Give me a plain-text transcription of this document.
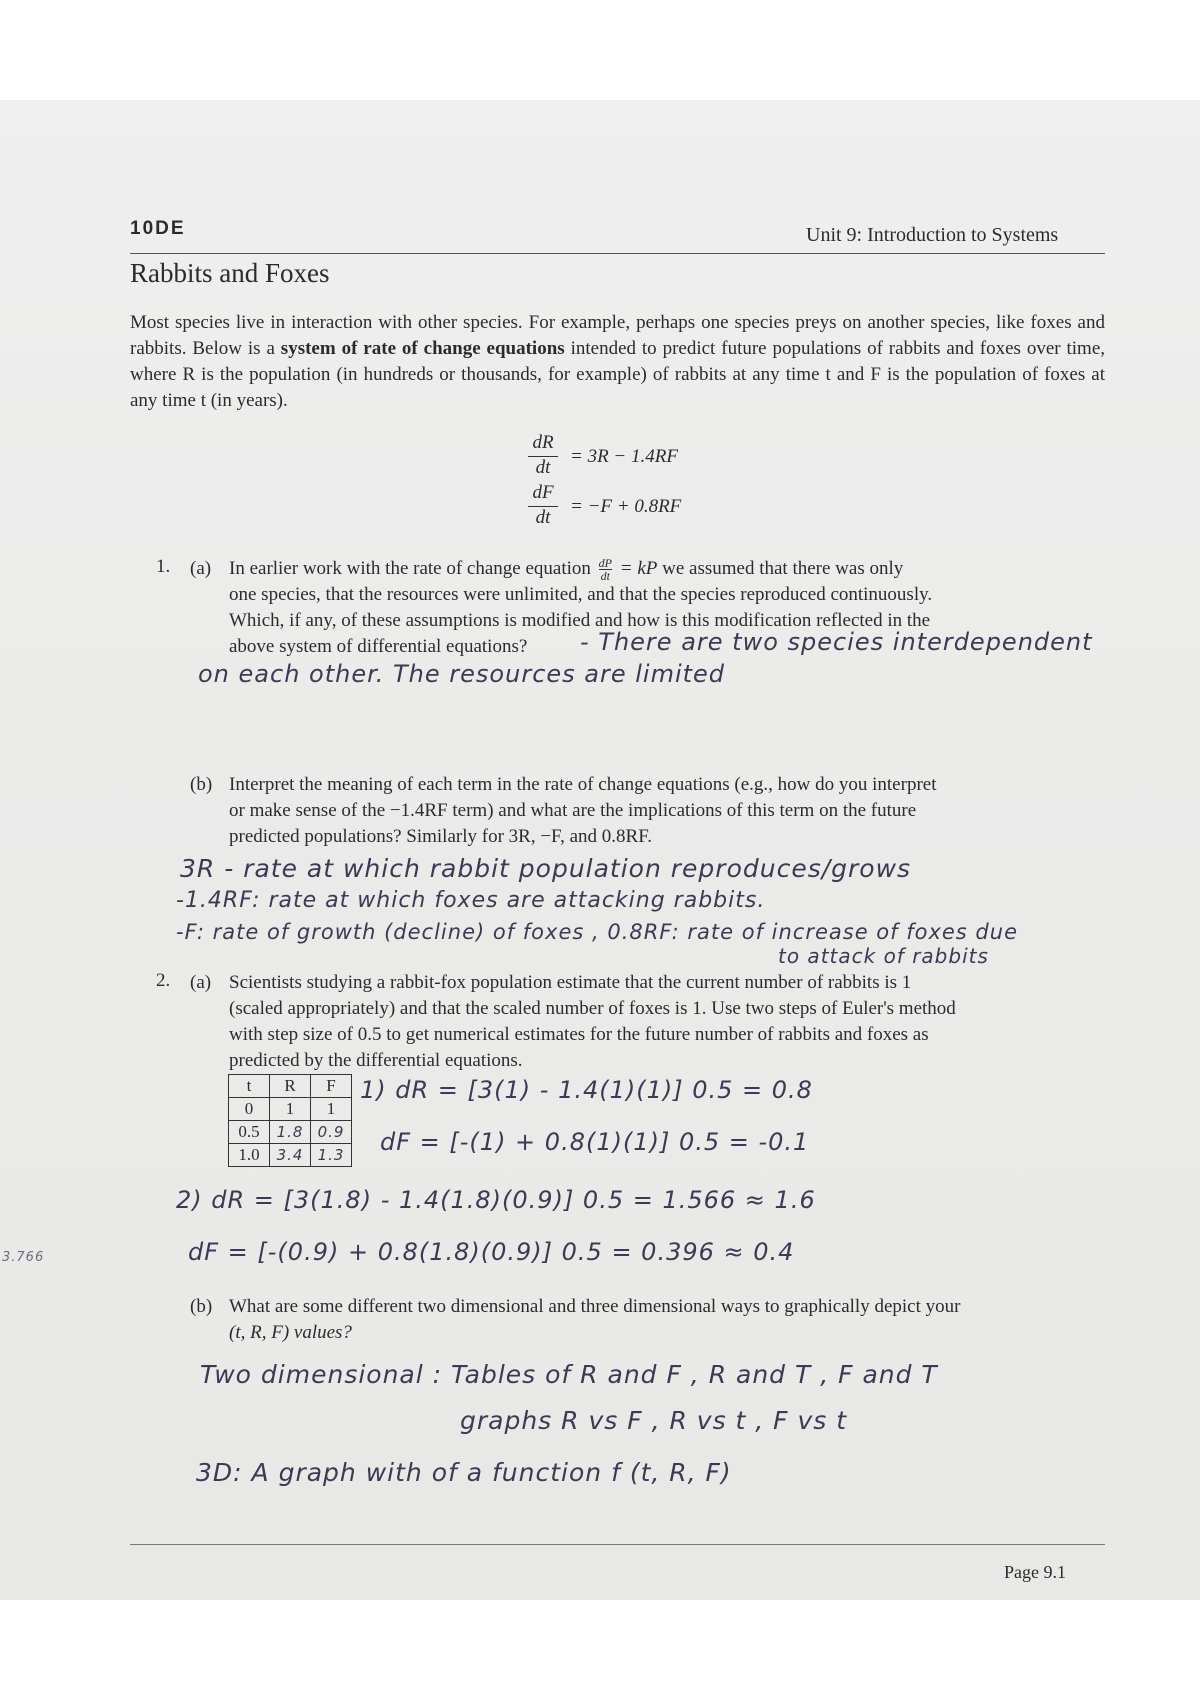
10DE	Unit 9: Introduction to Systems
Rabbits and Foxes
Most species live in interaction with other species. For example, perhaps one species preys on another species, like foxes and rabbits. Below is a system of rate of change equations intended to predict future populations of rabbits and foxes over time, where R is the population (in hundreds or thousands, for example) of rabbits at any time t and F is the population of foxes at any time t (in years).
$\frac{dR}{dt} = 3R - 1.4RF$
$\frac{dF}{dt} = -F + 0.8RF$
1. (a) In earlier work with the rate of change equation $\frac{dP}{dt}$ = kP we assumed that there was only
one species, that the resources were unlimited, and that the species reproduced continuously.
Which, if any, of these assumptions is modified and how is this modification reflected in the
above system of differential equations? - There are two species interdependent
on each other. The resources are limited
(b) Interpret the meaning of each term in the rate of change equations (e.g., how do you interpret
or make sense of the −1.4RF term) and what are the implications of this term on the future
predicted populations? Similarly for 3R, −F, and 0.8RF.
3R - rate at which rabbit population reproduces/grows
-1.4RF: rate at which foxes are attacking rabbits.
-F: rate of growth (decline) of foxes , 0.8RF: rate of increase of foxes due
to attack of rabbits
2. (a) Scientists studying a rabbit-fox population estimate that the current number of rabbits is 1
(scaled appropriately) and that the scaled number of foxes is 1. Use two steps of Euler's method
with step size of 0.5 to get numerical estimates for the future number of rabbits and foxes as
predicted by the differential equations.
t	R	F
0	1	1
0.5	1.8	0.9
1.0	3.4	1.3
1) dR = [3(1) - 1.4(1)(1)] 0.5 = 0.8
dF = [-(1) + 0.8(1)(1)] 0.5 = -0.1
2) dR = [3(1.8) - 1.4(1.8)(0.9)] 0.5 = 1.566 ≈ 1.6
dF = [-(0.9) + 0.8(1.8)(0.9)] 0.5 = 0.396 ≈ 0.4
3.766
(b) What are some different two dimensional and three dimensional ways to graphically depict your
(t, R, F) values?
Two dimensional : Tables of R and F , R and T , F and T
graphs R vs F , R vs t , F vs t
3D: A graph with of a function f (t, R, F)
Page 9.1
